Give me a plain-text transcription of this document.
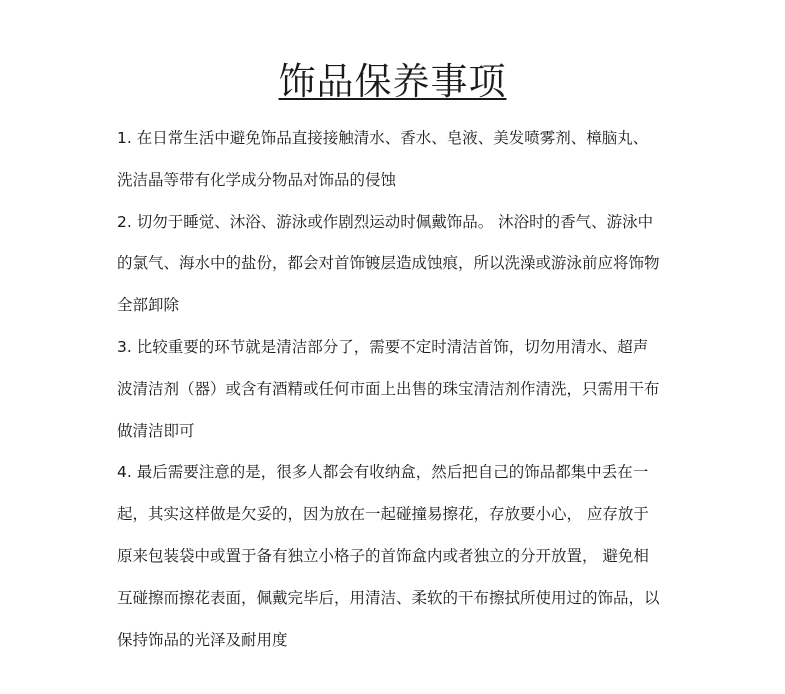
饰品保养事项

1. 在日常生活中避免饰品直接接触清水、香水、皂液、美发喷雾剂、樟脑丸、
洗洁晶等带有化学成分物品对饰品的侵蚀

2. 切勿于睡觉、沐浴、游泳或作剧烈运动时佩戴饰品。 沐浴时的香气、游泳中
的氯气、海水中的盐份，都会对首饰镀层造成蚀痕，所以洗澡或游泳前应将饰物
全部卸除

3. 比较重要的环节就是清洁部分了，需要不定时清洁首饰，切勿用清水、超声
波清洁剂（器）或含有酒精或任何市面上出售的珠宝清洁剂作清洗，只需用干布
做清洁即可

4. 最后需要注意的是，很多人都会有收纳盒，然后把自己的饰品都集中丢在一
起，其实这样做是欠妥的，因为放在一起碰撞易擦花，存放要小心， 应存放于
原来包装袋中或置于备有独立小格子的首饰盒内或者独立的分开放置， 避免相
互碰擦而擦花表面，佩戴完毕后，用清洁、柔软的干布擦拭所使用过的饰品，以
保持饰品的光泽及耐用度
